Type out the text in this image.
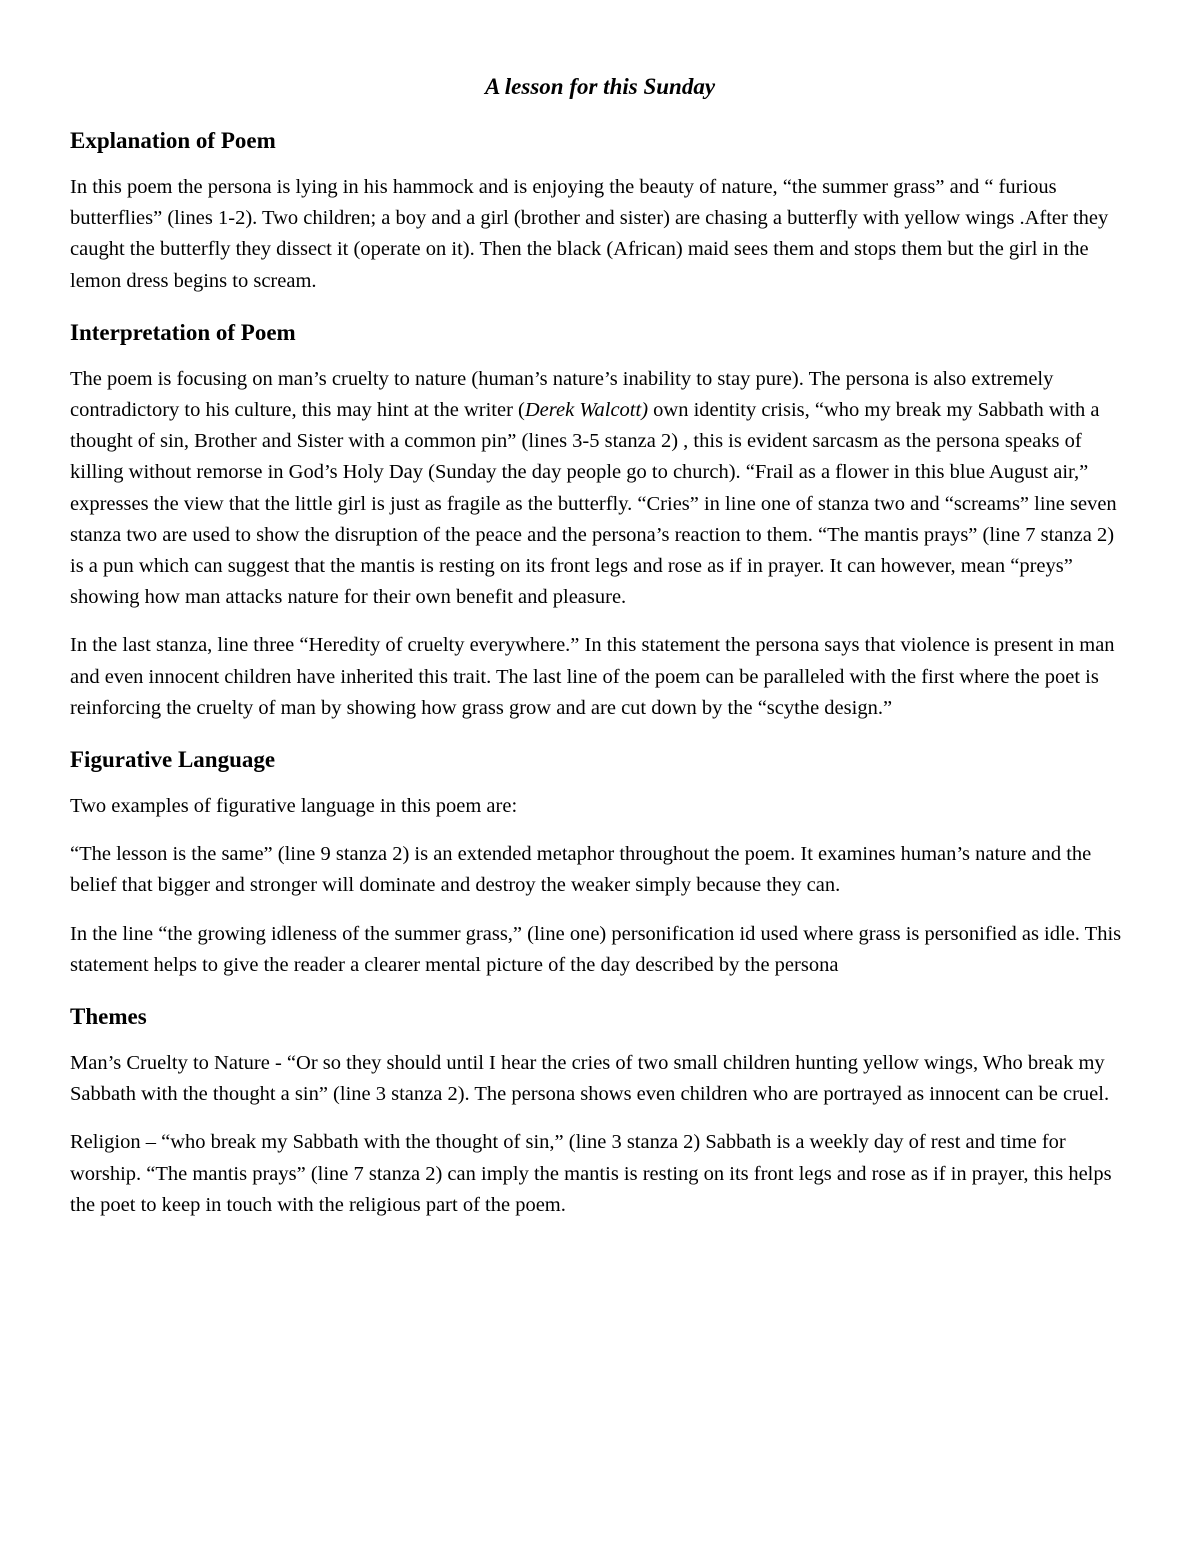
A lesson for this Sunday
Explanation of Poem

In this poem the persona is lying in his hammock and is enjoying the beauty of nature, “the summer grass” and “ furious butterflies” (lines 1-2). Two children; a boy and a girl (brother and sister) are chasing a butterfly with yellow wings .After they caught the butterfly they dissect it (operate on it). Then the black (African) maid sees them and stops them but the girl in the lemon dress begins to scream.

Interpretation of Poem

The poem is focusing on man’s cruelty to nature (human’s nature’s inability to stay pure). The persona is also extremely contradictory to his culture, this may hint at the writer (Derek Walcott) own identity crisis, “who my break my Sabbath with a thought of sin, Brother and Sister with a common pin” (lines 3-5 stanza 2) , this is evident sarcasm as the persona speaks of killing without remorse in God’s Holy Day (Sunday the day people go to church). “Frail as a flower in this blue August air,” expresses the view that the little girl is just as fragile as the butterfly. “Cries” in line one of stanza two and “screams” line seven stanza two are used to show the disruption of the peace and the persona’s reaction to them. “The mantis prays” (line 7 stanza 2) is a pun which can suggest that the mantis is resting on its front legs and rose as if in prayer. It can however, mean “preys” showing how man attacks nature for their own benefit and pleasure.

In the last stanza, line three “Heredity of cruelty everywhere.” In this statement the persona says that violence is present in man and even innocent children have inherited this trait. The last line of the poem can be paralleled with the first where the poet is reinforcing the cruelty of man by showing how grass grow and are cut down by the “scythe design.”

Figurative Language

Two examples of figurative language in this poem are:

“The lesson is the same” (line 9 stanza 2) is an extended metaphor throughout the poem. It examines human’s nature and the belief that bigger and stronger will dominate and destroy the weaker simply because they can.

In the line “the growing idleness of the summer grass,” (line one) personification id used where grass is personified as idle. This statement helps to give the reader a clearer mental picture of the day described by the persona

Themes

Man’s Cruelty to Nature - “Or so they should until I hear the cries of two small children hunting yellow wings, Who break my Sabbath with the thought a sin” (line 3 stanza 2). The persona shows even children who are portrayed as innocent can be cruel.

Religion – “who break my Sabbath with the thought of sin,” (line 3 stanza 2) Sabbath is a weekly day of rest and time for worship. “The mantis prays” (line 7 stanza 2) can imply the mantis is resting on its front legs and rose as if in prayer, this helps the poet to keep in touch with the religious part of the poem.
